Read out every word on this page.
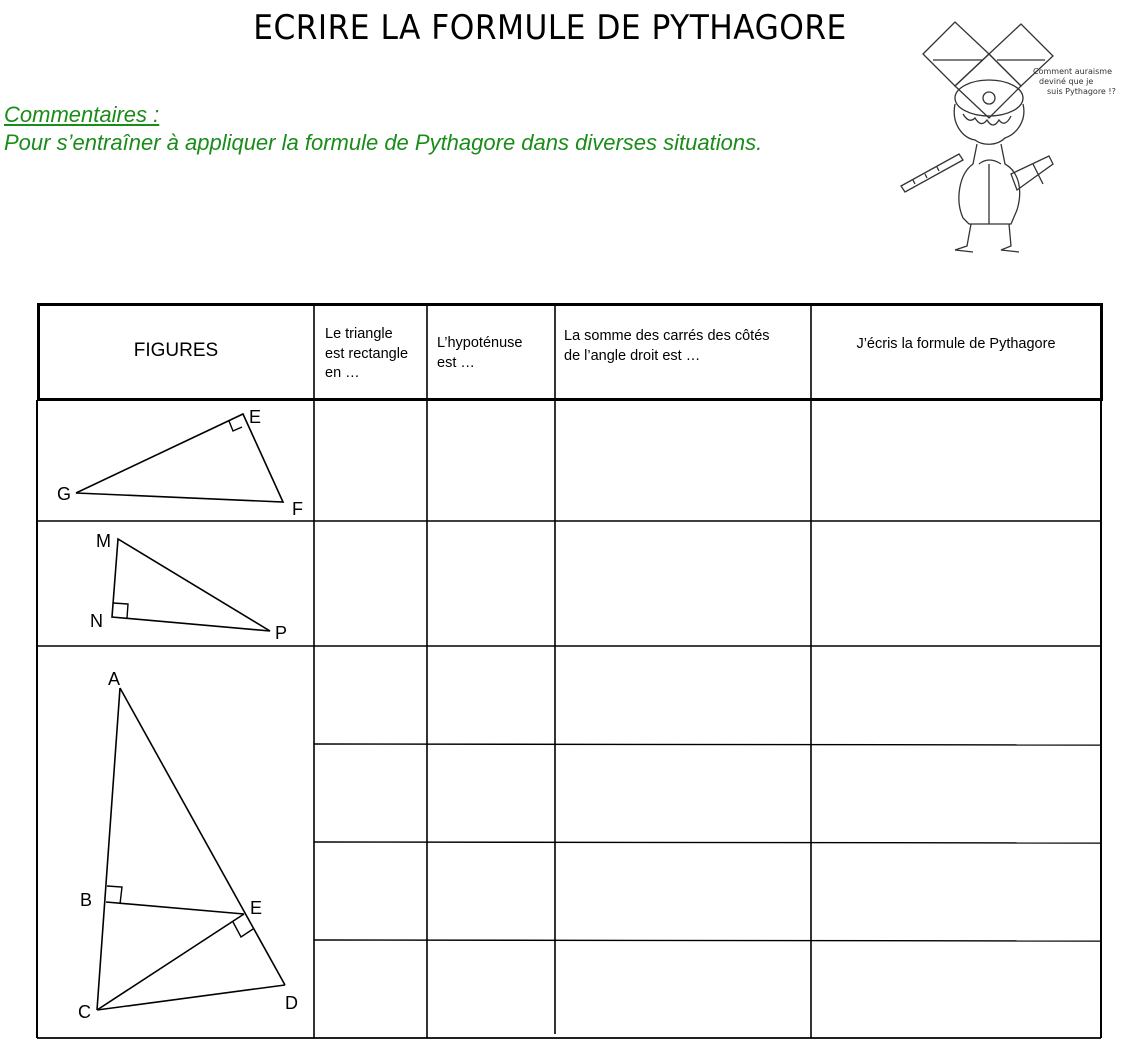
ECRIRE LA FORMULE DE PYTHAGORE
Commentaires :
Pour s’entraîner à appliquer la formule de Pythagore dans diverses situations.
Comment auraisme
deviné que je
suis Pythagore !?
FIGURES
Le triangle
est rectangle
en …
L’hypoténuse
est …
La somme des carrés des côtés
de l’angle droit est …
J’écris la formule de Pythagore
E
G
F
M
N
P
A
B	E
C	D
